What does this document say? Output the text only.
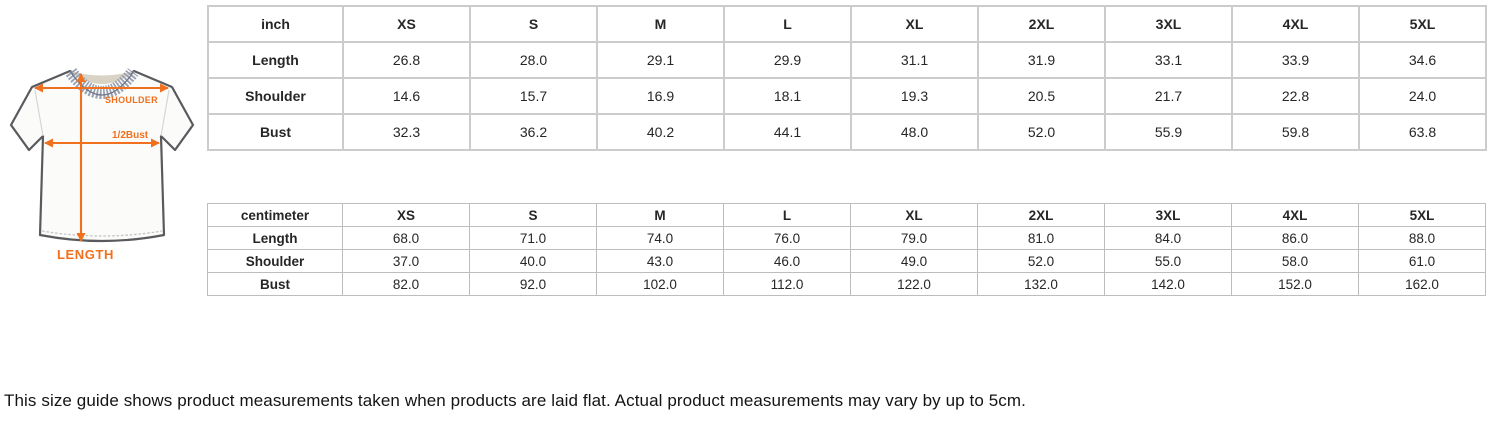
SHOULDER
1/2Bust
LENGTH
inch	XS	S	M	L	XL	2XL	3XL	4XL	5XL
Length	26.8	28.0	29.1	29.9	31.1	31.9	33.1	33.9	34.6
Shoulder	14.6	15.7	16.9	18.1	19.3	20.5	21.7	22.8	24.0
Bust	32.3	36.2	40.2	44.1	48.0	52.0	55.9	59.8	63.8
centimeter	XS	S	M	L	XL	2XL	3XL	4XL	5XL
Length	68.0	71.0	74.0	76.0	79.0	81.0	84.0	86.0	88.0
Shoulder	37.0	40.0	43.0	46.0	49.0	52.0	55.0	58.0	61.0
Bust	82.0	92.0	102.0	112.0	122.0	132.0	142.0	152.0	162.0
This size guide shows product measurements taken when products are laid flat. Actual product measurements may vary by up to 5cm.
